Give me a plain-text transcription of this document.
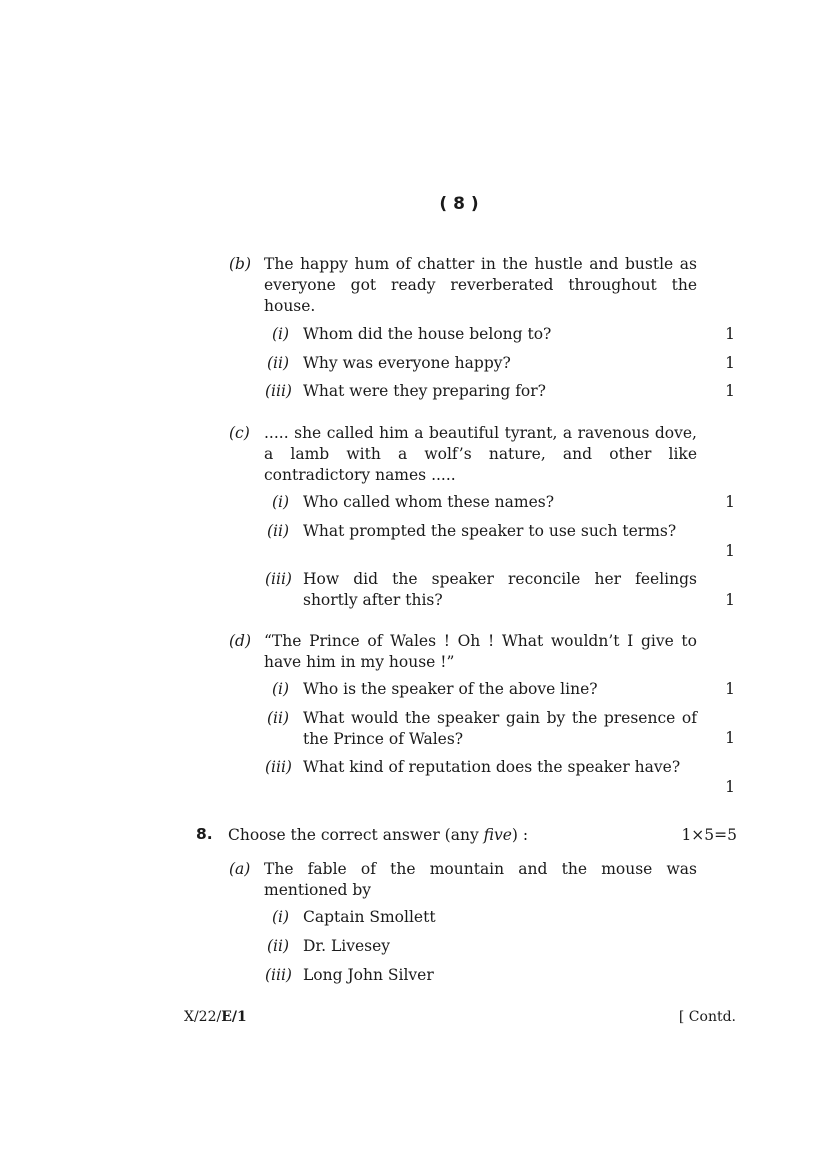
( 8 )
(b) The happy hum of chatter in the hustle and bustle as everyone got ready reverberated throughout the house.
(i) Whom did the house belong to?	1
(ii) Why was everyone happy?	1
(iii) What were they preparing for?	1
(c) ..... she called him a beautiful tyrant, a ravenous dove, a lamb with a wolf’s nature, and other like contradictory names .....
(i) Who called whom these names?	1
(ii) What prompted the speaker to use such terms?
1
(iii) How did the speaker reconcile her feelings shortly after this?	1
(d) “The Prince of Wales ! Oh ! What wouldn’t I give to have him in my house !”
(i) Who is the speaker of the above line?	1
(ii) What would the speaker gain by the presence of the Prince of Wales?	1
(iii) What kind of reputation does the speaker have?
1
8. Choose the correct answer (any five) :	1×5=5
(a) The fable of the mountain and the mouse was mentioned by
(i) Captain Smollett
(ii) Dr. Livesey
(iii) Long John Silver
X/22/E/1	[ Contd.
